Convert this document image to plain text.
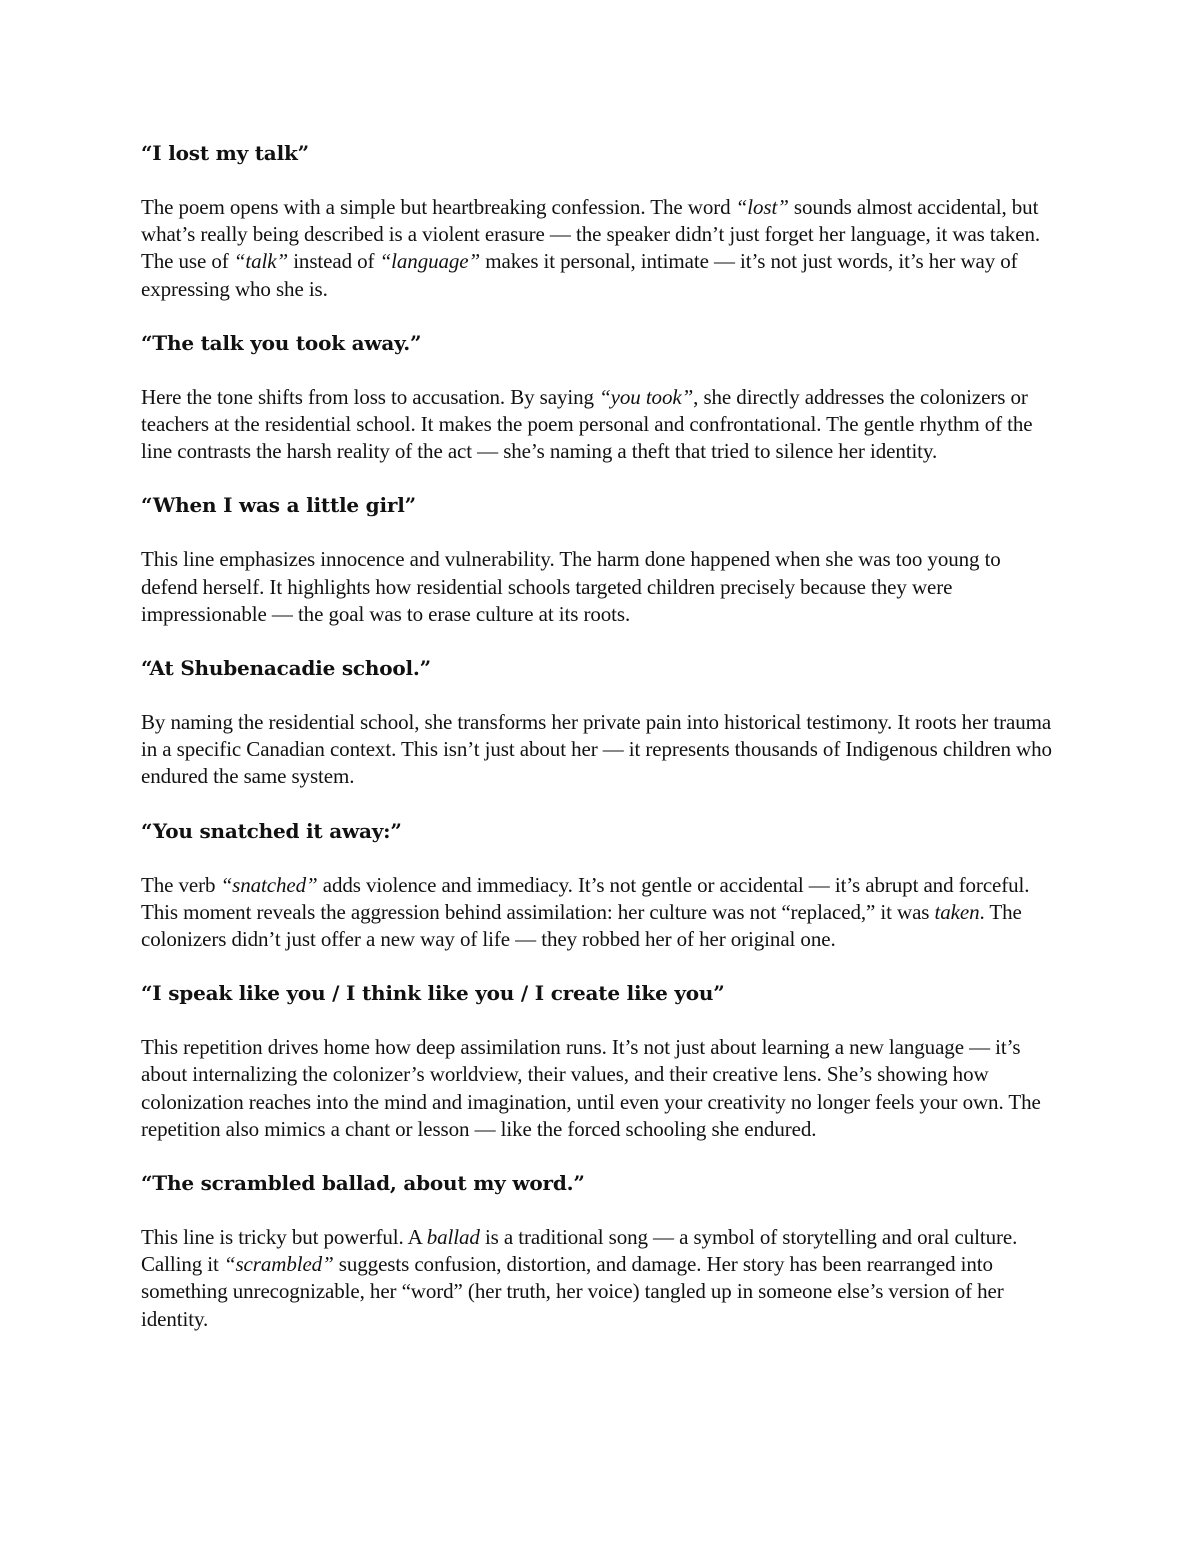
“I lost my talk”

The poem opens with a simple but heartbreaking confession. The word “lost” sounds almost accidental, but what’s really being described is a violent erasure — the speaker didn’t just forget her language, it was taken. The use of “talk” instead of “language” makes it personal, intimate — it’s not just words, it’s her way of expressing who she is.

“The talk you took away.”

Here the tone shifts from loss to accusation. By saying “you took”, she directly addresses the colonizers or teachers at the residential school. It makes the poem personal and confrontational. The gentle rhythm of the line contrasts the harsh reality of the act — she’s naming a theft that tried to silence her identity.

“When I was a little girl”

This line emphasizes innocence and vulnerability. The harm done happened when she was too young to defend herself. It highlights how residential schools targeted children precisely because they were impressionable — the goal was to erase culture at its roots.

“At Shubenacadie school.”

By naming the residential school, she transforms her private pain into historical testimony. It roots her trauma in a specific Canadian context. This isn’t just about her — it represents thousands of Indigenous children who endured the same system.

“You snatched it away:”

The verb “snatched” adds violence and immediacy. It’s not gentle or accidental — it’s abrupt and forceful. This moment reveals the aggression behind assimilation: her culture was not “replaced,” it was taken. The colonizers didn’t just offer a new way of life — they robbed her of her original one.

“I speak like you / I think like you / I create like you”

This repetition drives home how deep assimilation runs. It’s not just about learning a new language — it’s about internalizing the colonizer’s worldview, their values, and their creative lens. She’s showing how colonization reaches into the mind and imagination, until even your creativity no longer feels your own. The repetition also mimics a chant or lesson — like the forced schooling she endured.

“The scrambled ballad, about my word.”

This line is tricky but powerful. A ballad is a traditional song — a symbol of storytelling and oral culture. Calling it “scrambled” suggests confusion, distortion, and damage. Her story has been rearranged into something unrecognizable, her “word” (her truth, her voice) tangled up in someone else’s version of her identity.
